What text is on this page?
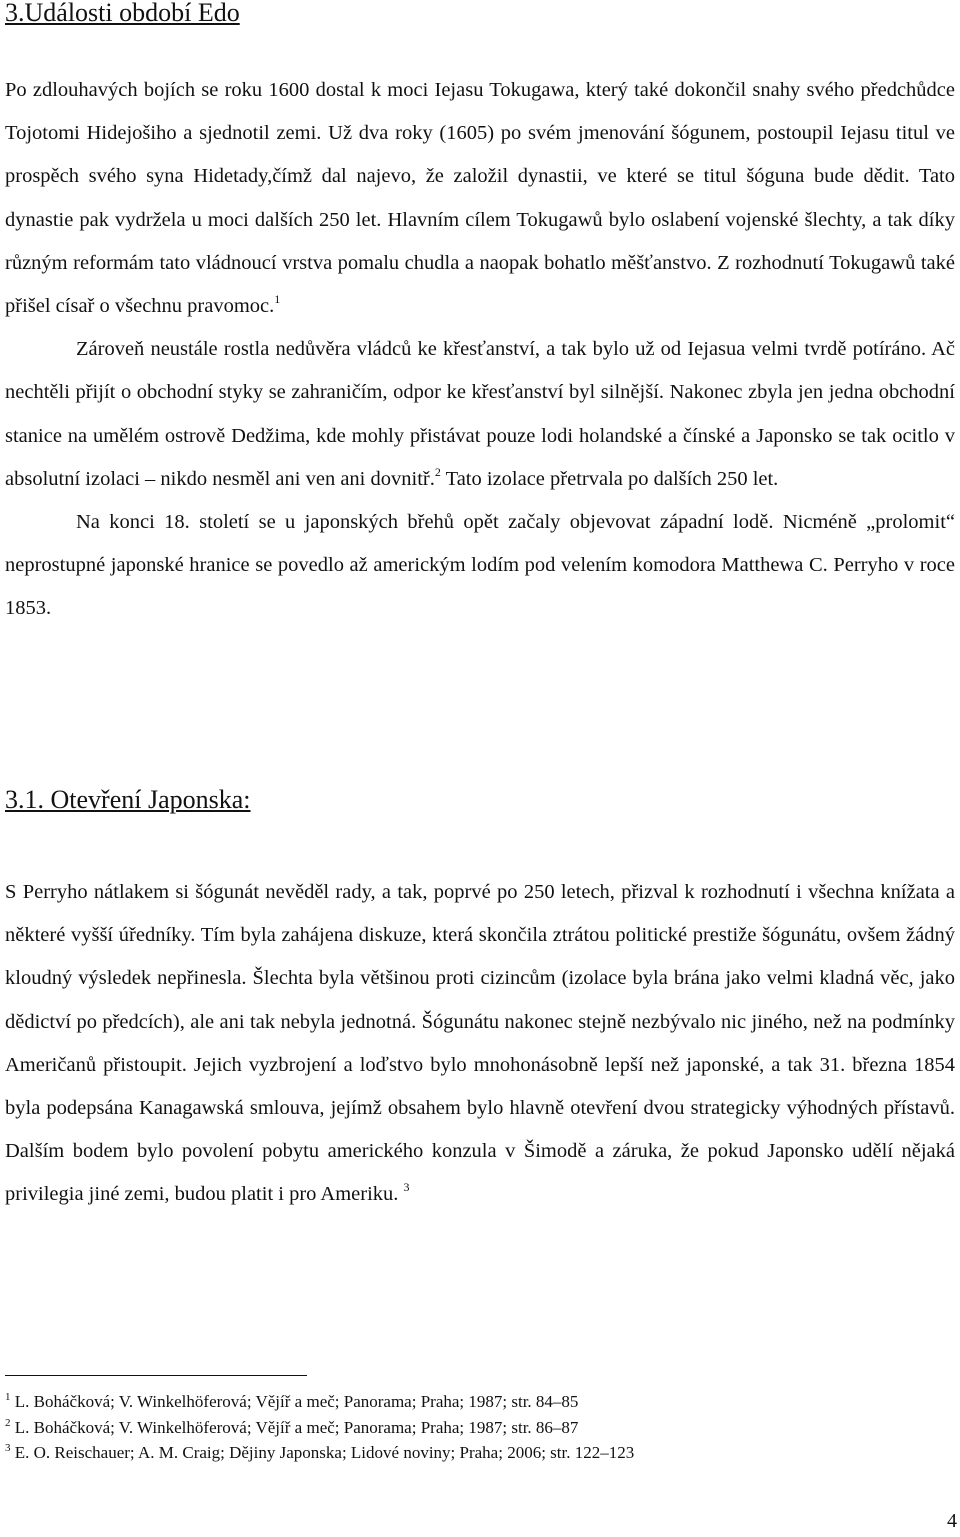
3.Události období Edo

Po zdlouhavých bojích se roku 1600 dostal k moci Iejasu Tokugawa, který také dokončil snahy svého předchůdce Tojotomi Hidejošiho a sjednotil zemi. Už dva roky (1605) po svém jmenování šógunem, postoupil Iejasu titul ve prospěch svého syna Hidetady,čímž dal najevo, že založil dynastii, ve které se titul šóguna bude dědit. Tato dynastie pak vydržela u moci dalších 250 let. Hlavním cílem Tokugawů bylo oslabení vojenské šlechty, a tak díky různým reformám tato vládnoucí vrstva pomalu chudla a naopak bohatlo měšťanstvo. Z rozhodnutí Tokugawů také přišel císař o všechnu pravomoc.$^1$

Zároveň neustále rostla nedůvěra vládců ke křesťanství, a tak bylo už od Iejasua velmi tvrdě potíráno. Ač nechtěli přijít o obchodní styky se zahraničím, odpor ke křesťanství byl silnější. Nakonec zbyla jen jedna obchodní stanice na umělém ostrově Dedžima, kde mohly přistávat pouze lodi holandské a čínské a Japonsko se tak ocitlo v absolutní izolaci – nikdo nesměl ani ven ani dovnitř.$^2$ Tato izolace přetrvala po dalších 250 let.

Na konci 18. století se u japonských břehů opět začaly objevovat západní lodě. Nicméně „prolomit“ neprostupné japonské hranice se povedlo až americkým lodím pod velením komodora Matthewa C. Perryho v roce 1853.

3.1. Otevření Japonska:

S Perryho nátlakem si šógunát nevěděl rady, a tak, poprvé po 250 letech, přizval k rozhodnutí i všechna knížata a některé vyšší úředníky. Tím byla zahájena diskuze, která skončila ztrátou politické prestiže šógunátu, ovšem žádný kloudný výsledek nepřinesla. Šlechta byla většinou proti cizincům (izolace byla brána jako velmi kladná věc, jako dědictví po předcích), ale ani tak nebyla jednotná. Šógunátu nakonec stejně nezbývalo nic jiného, než na podmínky Američanů přistoupit. Jejich vyzbrojení a loďstvo bylo mnohonásobně lepší než japonské, a tak 31. března 1854 byla podepsána Kanagawská smlouva, jejímž obsahem bylo hlavně otevření dvou strategicky výhodných přístavů. Dalším bodem bylo povolení pobytu amerického konzula v Šimodě a záruka, že pokud Japonsko udělí nějaká privilegia jiné zemi, budou platit i pro Ameriku. $^3$

$^1$ L. Boháčková; V. Winkelhöferová; Vějíř a meč; Panorama; Praha; 1987; str. 84–85

$^2$ L. Boháčková; V. Winkelhöferová; Vějíř a meč; Panorama; Praha; 1987; str. 86–87

$^3$ E. O. Reischauer; A. M. Craig; Dějiny Japonska; Lidové noviny; Praha; 2006; str. 122–123

4
